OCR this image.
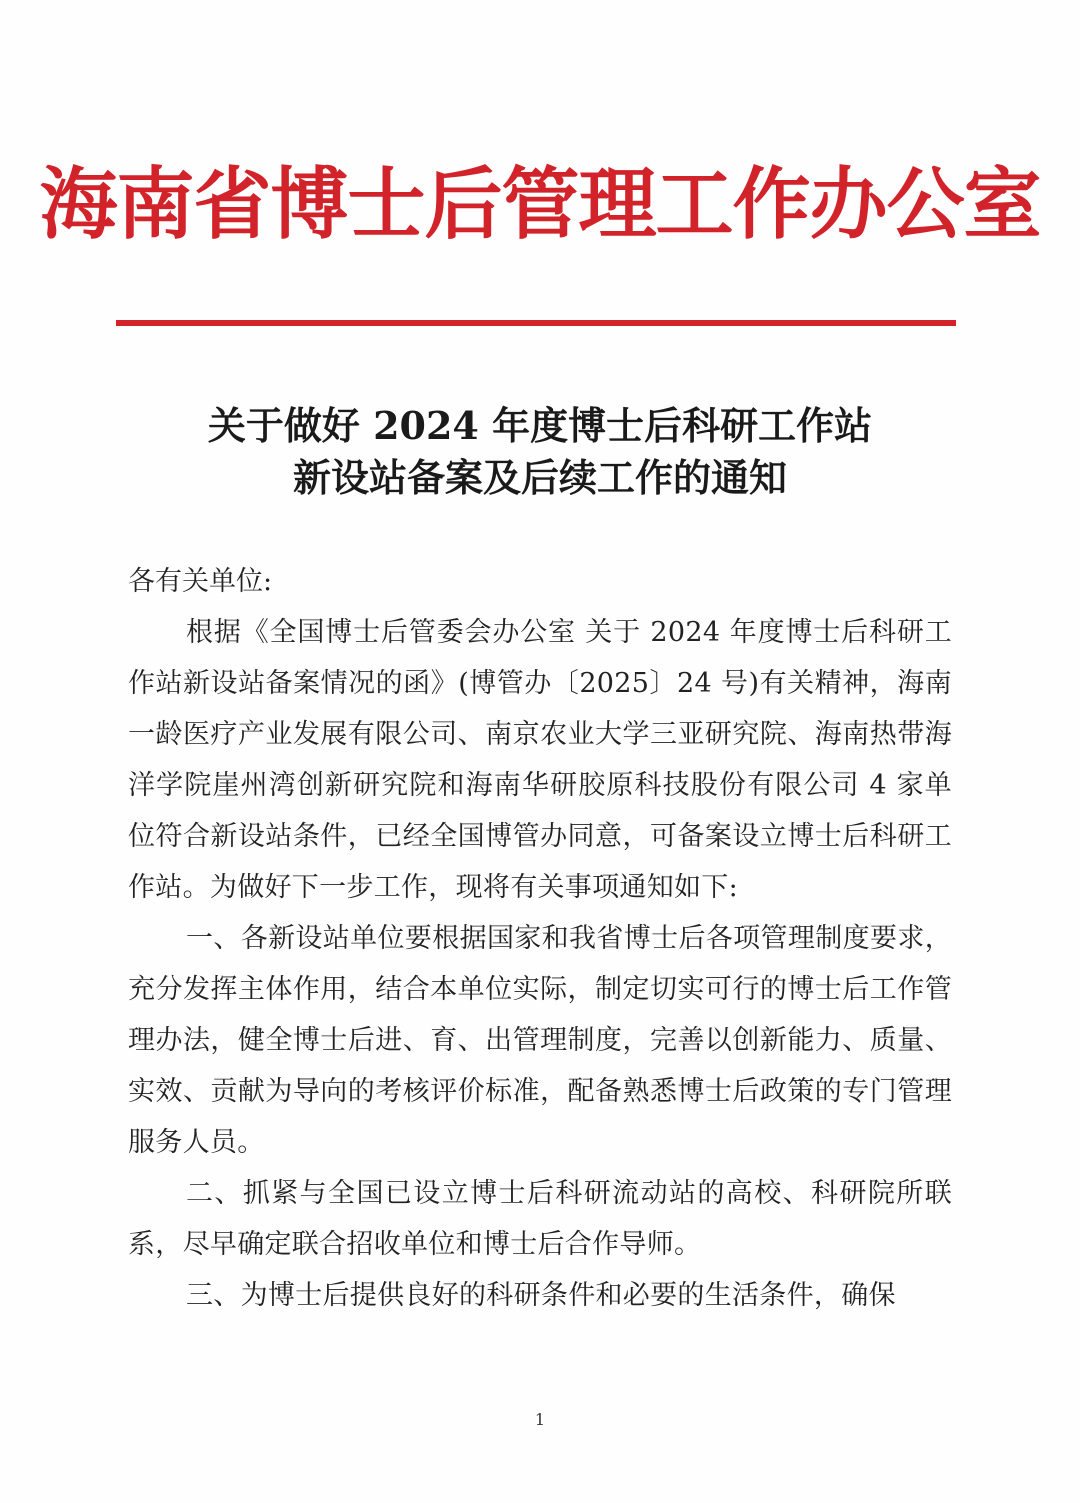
海南省博士后管理工作办公室
关于做好 2024 年度博士后科研工作站
新设站备案及后续工作的通知

各有关单位:

根据《全国博士后管委会办公室 关于 2024 年度博士后科研工作站新设站备案情况的函》(博管办〔2025〕24 号)有关精神，海南一龄医疗产业发展有限公司、南京农业大学三亚研究院、海南热带海洋学院崖州湾创新研究院和海南华研胶原科技股份有限公司 4 家单位符合新设站条件，已经全国博管办同意，可备案设立博士后科研工作站。为做好下一步工作，现将有关事项通知如下:

一、各新设站单位要根据国家和我省博士后各项管理制度要求，充分发挥主体作用，结合本单位实际，制定切实可行的博士后工作管理办法，健全博士后进、育、出管理制度，完善以创新能力、质量、实效、贡献为导向的考核评价标准，配备熟悉博士后政策的专门管理服务人员。

二、抓紧与全国已设立博士后科研流动站的高校、科研院所联系，尽早确定联合招收单位和博士后合作导师。

三、为博士后提供良好的科研条件和必要的生活条件，确保

1
